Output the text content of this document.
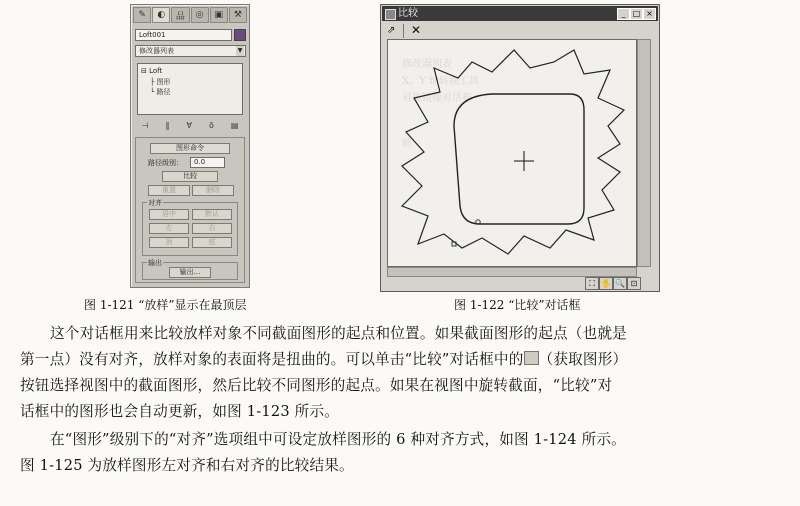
✎	◐	品	◎	▣	⚒
Loft001
修改器列表	▼
⊟ Loft
├ 图形
└ 路径
⊣ ‖ ∀ ō ▤
图形命令
路径级别：	0.0
比较
重置	删除
对齐
居中	默认
左	右
顶	底
输出
输出...
比较	_ □ ×
⇗	✕
修改器列表
X、Y 轴转换工具
对象镜像对话框
前
⛶ ✋ 🔍 ⊡
图 1-121 “放样”显示在最顶层	图 1-122 “比较”对话框
这个对话框用来比较放样对象不同截面图形的起点和位置。如果截面图形的起点（也就是
第一点）没有对齐，放样对象的表面将是扭曲的。可以单击“比较”对话框中的 （获取图形）
按钮选择视图中的截面图形，然后比较不同图形的起点。如果在视图中旋转截面，“比较”对
话框中的图形也会自动更新，如图 1-123 所示。
在“图形”级别下的“对齐”选项组中可设定放样图形的 6 种对齐方式，如图 1-124 所示。
图 1-125 为放样图形左对齐和右对齐的比较结果。
